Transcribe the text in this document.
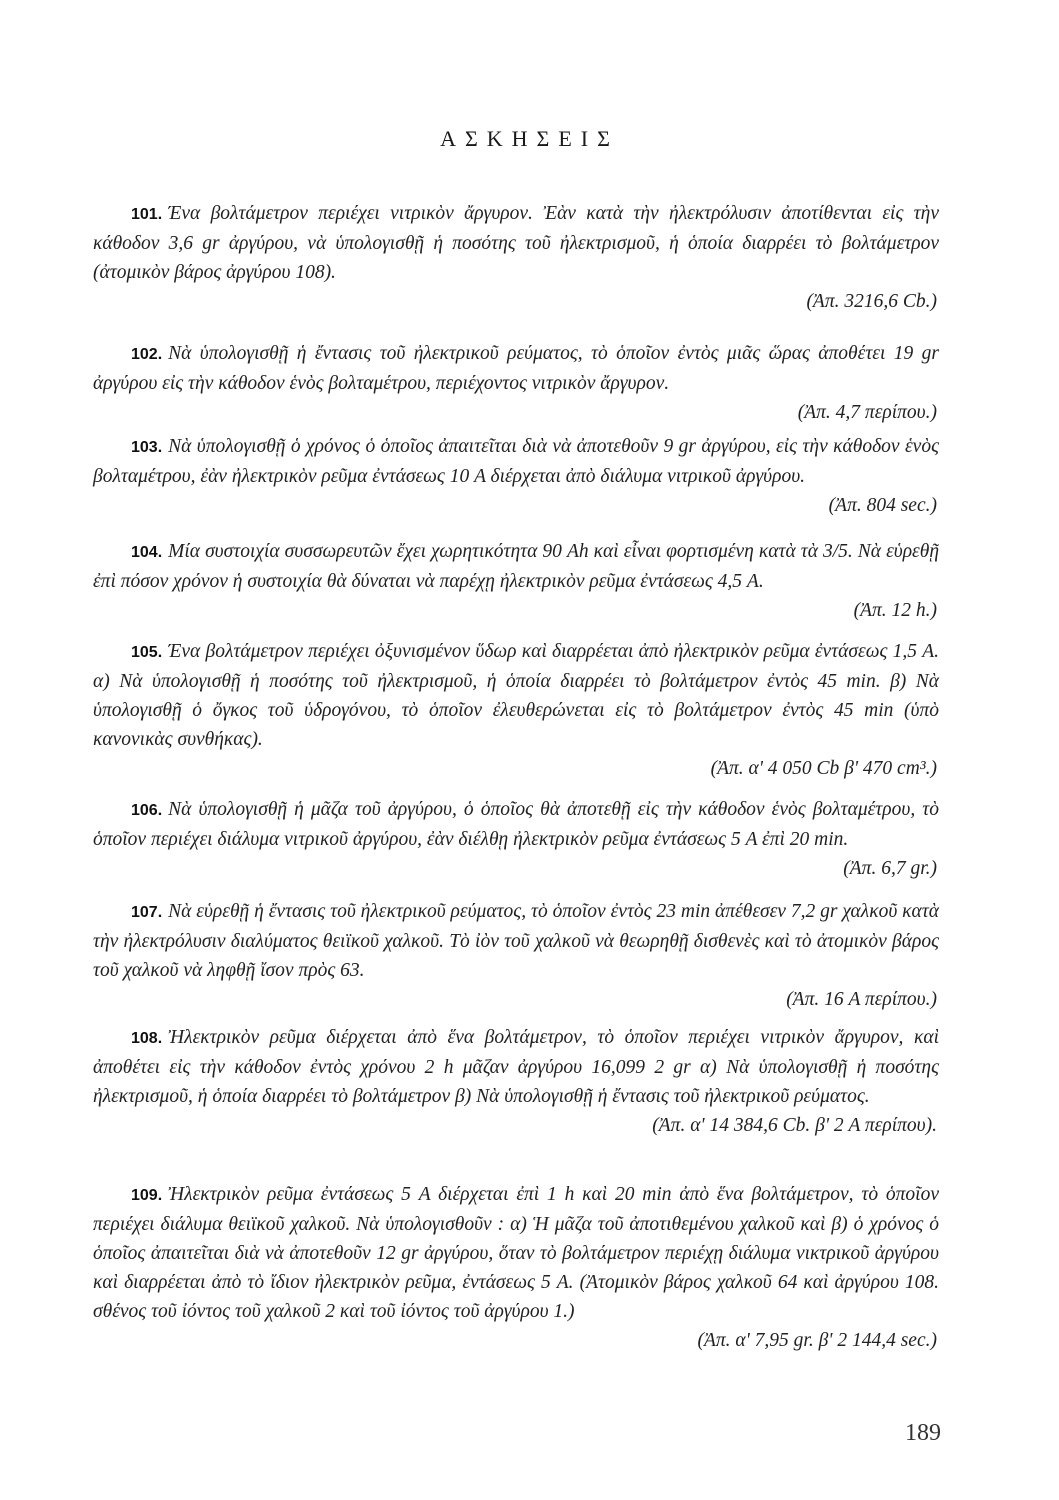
ΑΣΚΗΣΕΙΣ
101. Ένα βολτάμετρον περιέχει νιτρικὸν ἄργυρον. Ἐὰν κατὰ τὴν ἠλεκτρόλυσιν ἀποτίθενται εἰς τὴν κάθοδον 3,6 gr ἀργύρου, νὰ ὑπολογισθῇ ἡ ποσότης τοῦ ἠλεκτρισμοῦ, ἡ ὁποία διαρρέει τὸ βολτάμετρον (ἀτομικὸν βάρος ἀργύρου 108).
(Ἀπ. 3216,6 Cb.)
102. Νὰ ὑπολογισθῇ ἡ ἔντασις τοῦ ἠλεκτρικοῦ ρεύματος, τὸ ὁποῖον ἐντὸς μιᾶς ὥρας ἀποθέτει 19 gr ἀργύρου εἰς τὴν κάθοδον ἑνὸς βολταμέτρου, περιέχοντος νιτρικὸν ἄργυρον.
(Ἀπ. 4,7 περίπου.)
103. Νὰ ὑπολογισθῇ ὁ χρόνος ὁ ὁποῖος ἀπαιτεῖται διὰ νὰ ἀποτεθοῦν 9 gr ἀργύρου, εἰς τὴν κάθοδον ἑνὸς βολταμέτρου, ἐὰν ἠλεκτρικὸν ρεῦμα ἐντάσεως 10 A διέρχεται ἀπὸ διάλυμα νιτρικοῦ ἀργύρου.
(Ἀπ. 804 sec.)
104. Μία συστοιχία συσσωρευτῶν ἔχει χωρητικότητα 90 Ah καὶ εἶναι φορτισμένη κατὰ τὰ 3/5. Νὰ εὑρεθῇ ἐπὶ πόσον χρόνον ἡ συστοιχία θὰ δύναται νὰ παρέχῃ ἠλεκτρικὸν ρεῦμα ἐντάσεως 4,5 A.
(Ἀπ. 12 h.)
105. Ένα βολτάμετρον περιέχει ὀξυνισμένον ὕδωρ καὶ διαρρέεται ἀπὸ ἠλεκτρικὸν ρεῦμα ἐντάσεως 1,5 A. α) Νὰ ὑπολογισθῇ ἡ ποσότης τοῦ ἠλεκτρισμοῦ, ἡ ὁποία διαρρέει τὸ βολτάμετρον ἐντὸς 45 min. β) Νὰ ὑπολογισθῇ ὁ ὄγκος τοῦ ὑδρογόνου, τὸ ὁποῖον ἐλευθερώνεται εἰς τὸ βολτάμετρον ἐντὸς 45 min (ὑπὸ κανονικὰς συνθήκας).
(Ἀπ. α' 4 050 Cb β' 470 cm³.)
106. Νὰ ὑπολογισθῇ ἡ μᾶζα τοῦ ἀργύρου, ὁ ὁποῖος θὰ ἀποτεθῇ εἰς τὴν κάθοδον ἑνὸς βολταμέτρου, τὸ ὁποῖον περιέχει διάλυμα νιτρικοῦ ἀργύρου, ἐὰν διέλθῃ ἠλεκτρικὸν ρεῦμα ἐντάσεως 5 A ἐπὶ 20 min.
(Ἀπ. 6,7 gr.)
107. Νὰ εὑρεθῇ ἡ ἔντασις τοῦ ἠλεκτρικοῦ ρεύματος, τὸ ὁποῖον ἐντὸς 23 min ἀπέθεσεν 7,2 gr χαλκοῦ κατὰ τὴν ἠλεκτρόλυσιν διαλύματος θειϊκοῦ χαλκοῦ. Τὸ ἰὸν τοῦ χαλκοῦ νὰ θεωρηθῇ δισθενὲς καὶ τὸ ἀτομικὸν βάρος τοῦ χαλκοῦ νὰ ληφθῇ ἴσον πρὸς 63.
(Ἀπ. 16 A περίπου.)
108. Ἠλεκτρικὸν ρεῦμα διέρχεται ἀπὸ ἕνα βολτάμετρον, τὸ ὁποῖον περιέχει νιτρικὸν ἄργυρον, καὶ ἀποθέτει εἰς τὴν κάθοδον ἐντὸς χρόνου 2 h μᾶζαν ἀργύρου 16,099 2 gr α) Νὰ ὑπολογισθῇ ἡ ποσότης ἠλεκτρισμοῦ, ἡ ὁποία διαρρέει τὸ βολτάμετρον β) Νὰ ὑπολογισθῇ ἡ ἔντασις τοῦ ἠλεκτρικοῦ ρεύματος.
(Ἀπ. α' 14 384,6 Cb. β' 2 A περίπου).
109. Ἠλεκτρικὸν ρεῦμα ἐντάσεως 5 A διέρχεται ἐπὶ 1 h καὶ 20 min ἀπὸ ἕνα βολτάμετρον, τὸ ὁποῖον περιέχει διάλυμα θειϊκοῦ χαλκοῦ. Νὰ ὑπολογισθοῦν : α) Ἡ μᾶζα τοῦ ἀποτιθεμένου χαλκοῦ καὶ β) ὁ χρόνος ὁ ὁποῖος ἀπαιτεῖται διὰ νὰ ἀποτεθοῦν 12 gr ἀργύρου, ὅταν τὸ βολτάμετρον περιέχῃ διάλυμα νικτρικοῦ ἀργύρου καὶ διαρρέεται ἀπὸ τὸ ἴδιον ἠλεκτρικὸν ρεῦμα, ἐντάσεως 5 A. (Ἀτομικὸν βάρος χαλκοῦ 64 καὶ ἀργύρου 108. σθένος τοῦ ἰόντος τοῦ χαλκοῦ 2 καὶ τοῦ ἰόντος τοῦ ἀργύρου 1.)
(Ἀπ. α' 7,95 gr. β' 2 144,4 sec.)
189
